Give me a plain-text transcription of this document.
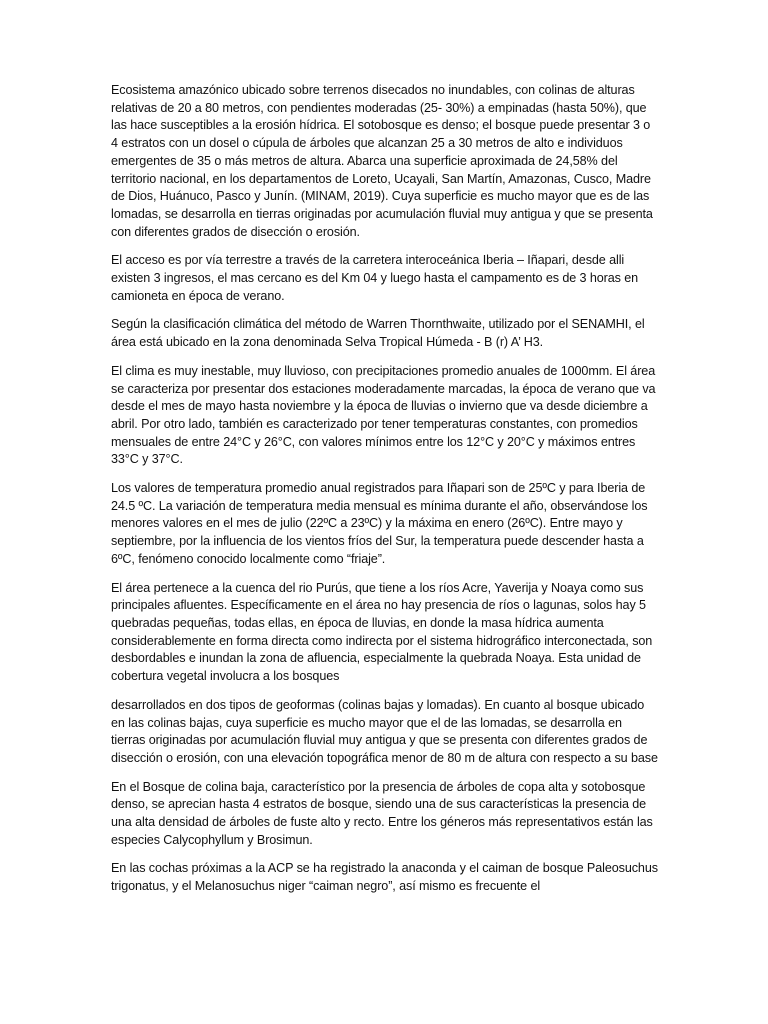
Ecosistema amazónico ubicado sobre terrenos disecados no inundables, con colinas de alturas relativas de 20 a 80 metros, con pendientes moderadas (25- 30%) a empinadas (hasta 50%), que las hace susceptibles a la erosión hídrica. El sotobosque es denso; el bosque puede presentar 3 o 4 estratos con un dosel o cúpula de árboles que alcanzan 25 a 30 metros de alto e individuos emergentes de 35 o más metros de altura. Abarca una superficie aproximada de 24,58% del territorio nacional, en los departamentos de Loreto, Ucayali, San Martín, Amazonas, Cusco, Madre de Dios, Huánuco, Pasco y Junín. (MINAM, 2019). Cuya superficie es mucho mayor que es de las lomadas, se desarrolla en tierras originadas por acumulación fluvial muy antigua y que se presenta con diferentes grados de disección o erosión.

El acceso es por vía terrestre a través de la carretera interoceánica Iberia – Iñapari, desde alli existen 3 ingresos, el mas cercano es del Km 04 y luego hasta el campamento es de 3 horas en camioneta en época de verano.

Según la clasificación climática del método de Warren Thornthwaite, utilizado por el SENAMHI, el área está ubicado en la zona denominada Selva Tropical Húmeda - B (r) A’ H3.

El clima es muy inestable, muy lluvioso, con precipitaciones promedio anuales de 1000mm. El área se caracteriza por presentar dos estaciones moderadamente marcadas, la época de verano que va desde el mes de mayo hasta noviembre y la época de lluvias o invierno que va desde diciembre a abril. Por otro lado, también es caracterizado por tener temperaturas constantes, con promedios mensuales de entre 24°C y 26°C, con valores mínimos entre los 12°C y 20°C y máximos entres 33°C y 37°C.

Los valores de temperatura promedio anual registrados para Iñapari son de 25ºC y para Iberia de 24.5 ºC. La variación de temperatura media mensual es mínima durante el año, observándose los menores valores en el mes de julio (22ºC a 23ºC) y la máxima en enero (26ºC). Entre mayo y septiembre, por la influencia de los vientos fríos del Sur, la temperatura puede descender hasta a 6ºC, fenómeno conocido localmente como “friaje”.

El área pertenece a la cuenca del rio Purús, que tiene a los ríos Acre, Yaverija y Noaya como sus principales afluentes. Específicamente en el área no hay presencia de ríos o lagunas, solos hay 5 quebradas pequeñas, todas ellas, en época de lluvias, en donde la masa hídrica aumenta considerablemente en forma directa como indirecta por el sistema hidrográfico interconectada, son desbordables e inundan la zona de afluencia, especialmente la quebrada Noaya. Esta unidad de cobertura vegetal involucra a los bosques

desarrollados en dos tipos de geoformas (colinas bajas y lomadas). En cuanto al bosque ubicado en las colinas bajas, cuya superficie es mucho mayor que el de las lomadas, se desarrolla en tierras originadas por acumulación fluvial muy antigua y que se presenta con diferentes grados de disección o erosión, con una elevación topográfica menor de 80 m de altura con respecto a su base

En el Bosque de colina baja, característico por la presencia de árboles de copa alta y sotobosque denso, se aprecian hasta 4 estratos de bosque, siendo una de sus características la presencia de una alta densidad de árboles de fuste alto y recto. Entre los géneros más representativos están las especies Calycophyllum y Brosimun.

En las cochas próximas a la ACP se ha registrado la anaconda y el caiman de bosque Paleosuchus trigonatus, y el Melanosuchus niger “caiman negro”, así mismo es frecuente el
